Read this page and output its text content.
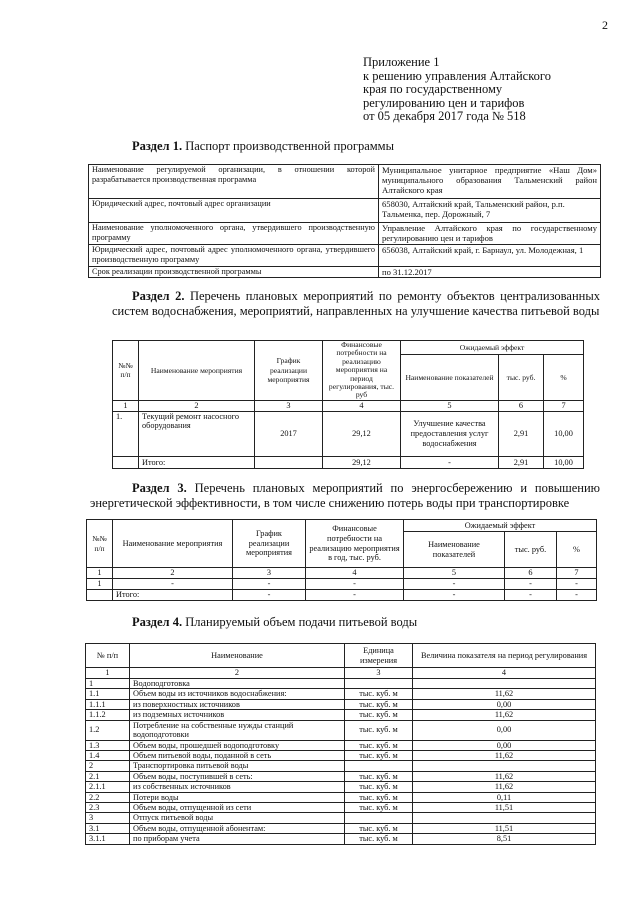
2
Приложение 1
к решению управления Алтайского
края по государственному
регулированию цен и тарифов
от 05 декабря 2017 года № 518
Раздел 1. Паспорт производственной программы
Наименование регулируемой организации, в отношении которой разрабатывается производственная программа	Муниципальное унитарное предприятие «Наш Дом» муниципального образования Тальменский район Алтайского края
Юридический адрес, почтовый адрес организации	658030, Алтайский край, Тальменский район, р.п. Тальменка, пер. Дорожный, 7
Наименование уполномоченного органа, утвердившего производственную программу	Управление Алтайского края по государственному регулированию цен и тарифов
Юридический адрес, почтовый адрес уполномоченного органа, утвердившего производственную программу	656038, Алтайский край, г. Барнаул, ул. Молодежная, 1
Срок реализации производственной программы	по 31.12.2017
Раздел 2. Перечень плановых мероприятий по ремонту объектов централизованных систем водоснабжения, мероприятий, направленных на улучшение качества питьевой воды
№№ п/п	Наименование мероприятия	График реализации мероприятия	Финансовые потребности на реализацию мероприятия на период регулирования, тыс. руб	Ожидаемый эффект		
				Наименование показателей	тыс. руб.	%
1	2	3	4	5	6	7
1.	Текущий ремонт насосного оборудования	2017	29,12	Улучшение качества предоставления услуг водоснабжения	2,91	10,00
	Итого:		29,12	-	2,91	10,00
Раздел 3. Перечень плановых мероприятий по энергосбережению и повышению энергетической эффективности, в том числе снижению потерь воды при транспортировке
№№ п/п	Наименование мероприятия	График реализации мероприятия	Финансовые потребности на реализацию мероприятия в год, тыс. руб.	Ожидаемый эффект		
				Наименование показателей	тыс. руб.	%
1	2	3	4	5	6	7
1	-	-	-	-	-	-
	Итого:	-	-	-	-	-
Раздел 4. Планируемый объем подачи питьевой воды
№ п/п	Наименование	Единица измерения	Величина показателя на период регулирования
1	2	3	4
1	Водоподготовка		
1.1	Объем воды из источников водоснабжения:	тыс. куб. м	11,62
1.1.1	из поверхностных источников	тыс. куб. м	0,00
1.1.2	из подземных источников	тыс. куб. м	11,62
1.2	Потребление на собственные нужды станций водоподготовки	тыс. куб. м	0,00
1.3	Объем воды, прошедшей водоподготовку	тыс. куб. м	0,00
1.4	Объем питьевой воды, поданной в сеть	тыс. куб. м	11,62
2	Транспортировка питьевой воды		
2.1	Объем воды, поступившей в сеть:	тыс. куб. м	11,62
2.1.1	из собственных источников	тыс. куб. м	11,62
2.2	Потери воды	тыс. куб. м	0,11
2.3	Объем воды, отпущенной из сети	тыс. куб. м	11,51
3	Отпуск питьевой воды		
3.1	Объем воды, отпущенной абонентам:	тыс. куб. м	11,51
3.1.1	по приборам учета	тыс. куб. м	8,51
